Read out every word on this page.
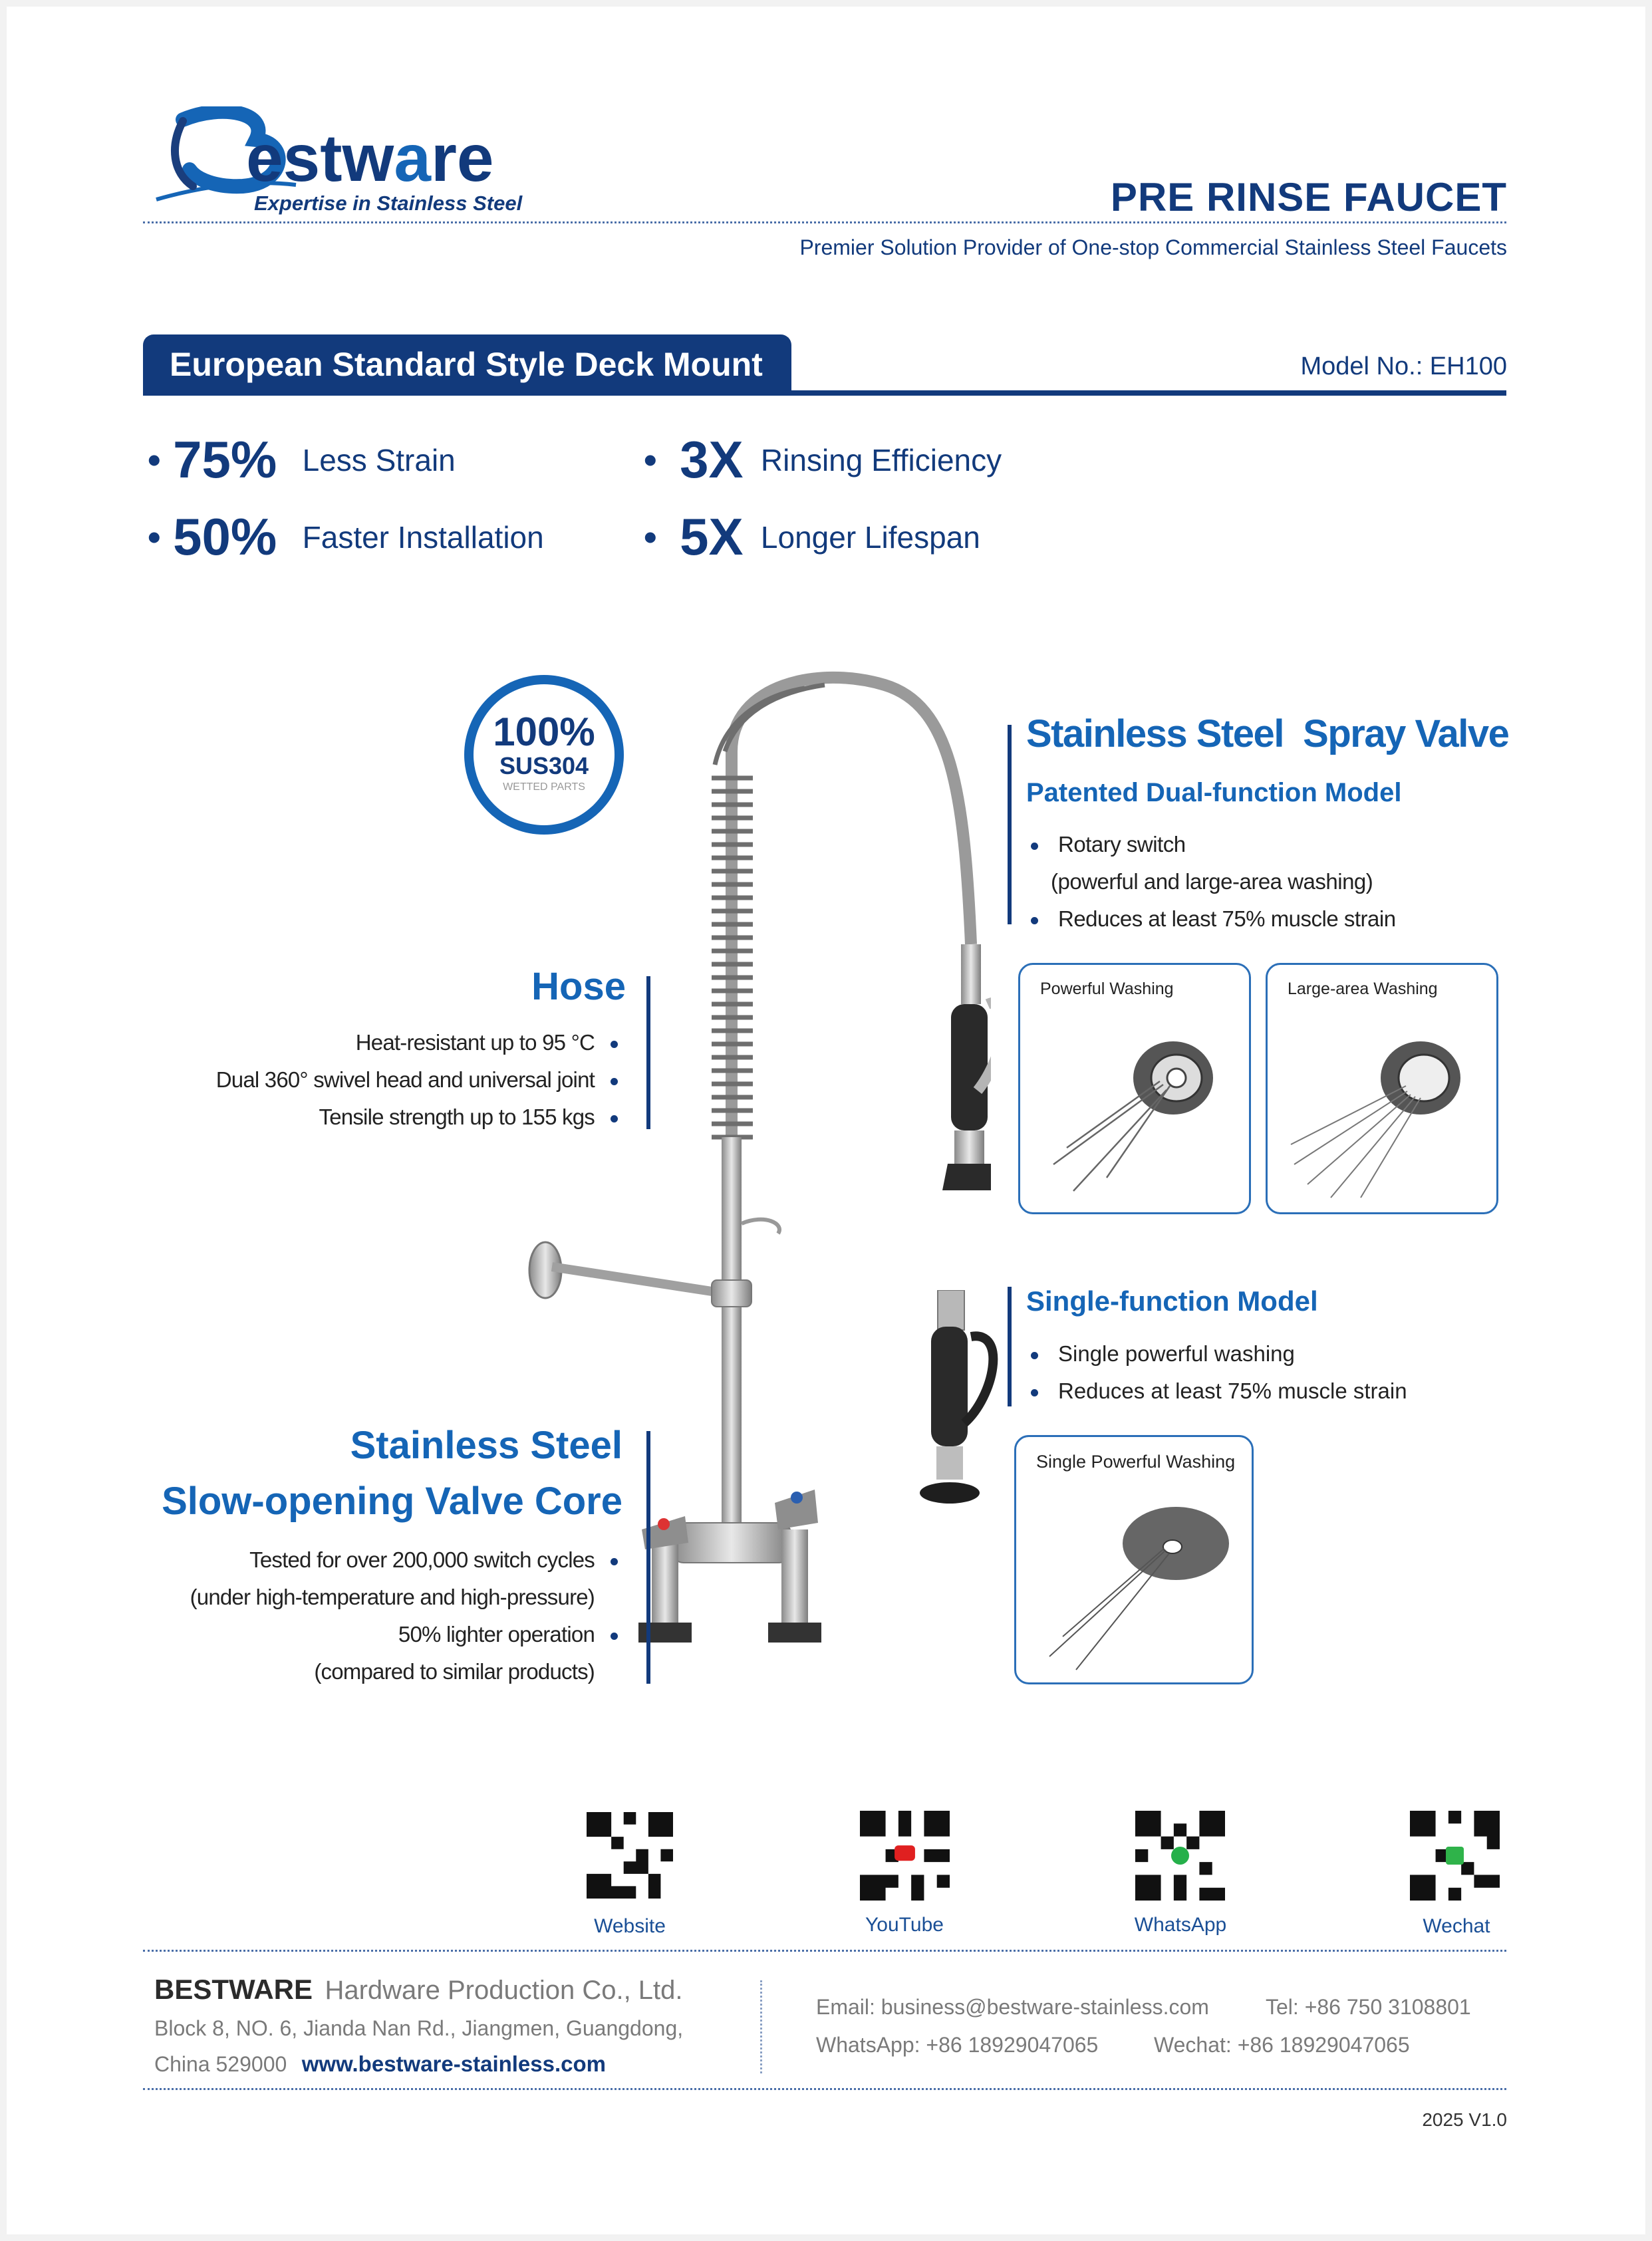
estware
Expertise in Stainless Steel	PRE RINSE FAUCET
Premier Solution Provider of One-stop Commercial Stainless Steel Faucets
European Standard Style Deck Mount	Model No.: EH100
• 75% Less Strain	• 3X Rinsing Efficiency
• 50% Faster Installation	• 5X Longer Lifespan
100%
SUS304
WETTED PARTS
Hose
Heat-resistant up to 95 °C
Dual 360° swivel head and universal joint
Tensile strength up to 155 kgs
Stainless Steel
Slow-opening Valve Core
Tested for over 200,000 switch cycles
(under high-temperature and high-pressure)
50% lighter operation
(compared to similar products)
Stainless Steel  Spray Valve
Patented Dual-function Model
Rotary switch
(powerful and large-area washing)
Reduces at least 75% muscle strain
Powerful Washing	Large-area Washing
Single-function Model
Single powerful washing
Reduces at least 75% muscle strain
Single Powerful Washing
Website	YouTube	WhatsApp	Wechat
BESTWARE Hardware Production Co., Ltd.
Block 8, NO. 6, Jianda Nan Rd., Jiangmen, Guangdong,
China 529000 www.bestware-stainless.com
Email: business@bestware-stainless.com	Tel: +86 750 3108801
WhatsApp: +86 18929047065	Wechat: +86 18929047065
2025 V1.0
